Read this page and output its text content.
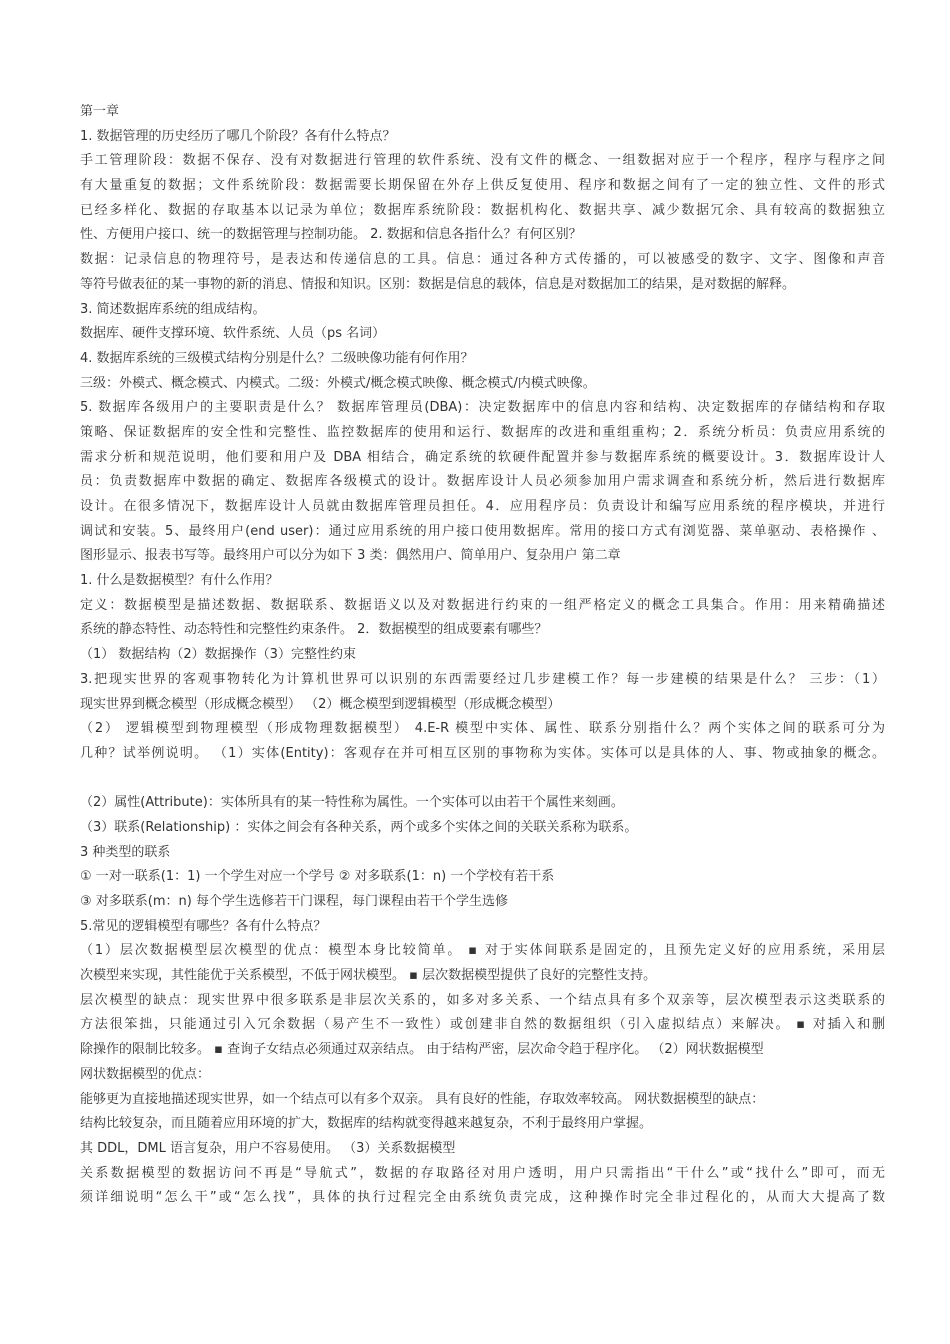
第一章
1. 数据管理的历史经历了哪几个阶段？各有什么特点？
手工管理阶段：数据不保存、没有对数据进行管理的软件系统、没有文件的概念、一组数据对应于一个程序，程序与程序之间
有大量重复的数据；文件系统阶段：数据需要长期保留在外存上供反复使用、程序和数据之间有了一定的独立性、文件的形式
已经多样化、数据的存取基本以记录为单位；数据库系统阶段：数据机构化、数据共享、减少数据冗余、具有较高的数据独立
性、方便用户接口、统一的数据管理与控制功能。 2. 数据和信息各指什么？有何区别？
数据：记录信息的物理符号，是表达和传递信息的工具。信息：通过各种方式传播的，可以被感受的数字、文字、图像和声音
等符号做表征的某一事物的新的消息、情报和知识。区别：数据是信息的载体，信息是对数据加工的结果，是对数据的解释。
3. 简述数据库系统的组成结构。
数据库、硬件支撑环境、软件系统、人员（ps 名词）
4. 数据库系统的三级模式结构分别是什么？二级映像功能有何作用？
三级：外模式、概念模式、内模式。二级：外模式/概念模式映像、概念模式/内模式映像。
5. 数据库各级用户的主要职责是什么？ 数据库管理员(DBA)：决定数据库中的信息内容和结构、决定数据库的存储结构和存取
策略、保证数据库的安全性和完整性、监控数据库的使用和运行、数据库的改进和重组重构；2．系统分析员：负责应用系统的
需求分析和规范说明，他们要和用户及 DBA 相结合，确定系统的软硬件配置并参与数据库系统的概要设计。3．数据库设计人
员：负责数据库中数据的确定、数据库各级模式的设计。数据库设计人员必须参加用户需求调查和系统分析，然后进行数据库
设计。在很多情况下，数据库设计人员就由数据库管理员担任。4．应用程序员：负责设计和编写应用系统的程序模块，并进行
调试和安装。5、最终用户(end user)：通过应用系统的用户接口使用数据库。常用的接口方式有浏览器、菜单驱动、表格操作 、
图形显示、报表书写等。最终用户可以分为如下 3 类：偶然用户、简单用户、复杂用户 第二章
1. 什么是数据模型？有什么作用？
定义：数据模型是描述数据、数据联系、数据语义以及对数据进行约束的一组严格定义的概念工具集合。作用：用来精确描述
系统的静态特性、动态特性和完整性约束条件。 2．数据模型的组成要素有哪些？
（1） 数据结构（2）数据操作（3）完整性约束
3.把现实世界的客观事物转化为计算机世界可以识别的东西需要经过几步建模工作？每一步建模的结果是什么？ 三步：（1）
现实世界到概念模型（形成概念模型） （2）概念模型到逻辑模型（形成概念模型）
（2） 逻辑模型到物理模型（形成物理数据模型） 4.E-R 模型中实体、属性、联系分别指什么？两个实体之间的联系可分为
几种？试举例说明。 （1）实体(Entity)：客观存在并可相互区别的事物称为实体。实体可以是具体的人、事、物或抽象的概念。
（2）属性(Attribute)：实体所具有的某一特性称为属性。一个实体可以由若干个属性来刻画。
（3）联系(Relationship) ：实体之间会有各种关系，两个或多个实体之间的关联关系称为联系。
3 种类型的联系
① 一对一联系(1：1) 一个学生对应一个学号 ② 对多联系(1：n) 一个学校有若干系
③ 对多联系(m：n) 每个学生选修若干门课程，每门课程由若干个学生选修
5.常见的逻辑模型有哪些？各有什么特点？
（1）层次数据模型层次模型的优点：模型本身比较简单。 ▪ 对于实体间联系是固定的，且预先定义好的应用系统，采用层
次模型来实现，其性能优于关系模型，不低于网状模型。 ▪ 层次数据模型提供了良好的完整性支持。
层次模型的缺点：现实世界中很多联系是非层次关系的，如多对多关系、一个结点具有多个双亲等，层次模型表示这类联系的
方法很笨拙，只能通过引入冗余数据（易产生不一致性）或创建非自然的数据组织（引入虚拟结点）来解决。 ▪ 对插入和删
除操作的限制比较多。 ▪ 查询子女结点必须通过双亲结点。 由于结构严密，层次命令趋于程序化。 （2）网状数据模型
网状数据模型的优点：
能够更为直接地描述现实世界，如一个结点可以有多个双亲。 具有良好的性能，存取效率较高。 网状数据模型的缺点：
结构比较复杂，而且随着应用环境的扩大，数据库的结构就变得越来越复杂，不利于最终用户掌握。
其 DDL，DML 语言复杂，用户不容易使用。 （3）关系数据模型
关系数据模型的数据访问不再是“导航式”，数据的存取路径对用户透明，用户只需指出“干什么”或“找什么”即可，而无
须详细说明“怎么干”或“怎么找”，具体的执行过程完全由系统负责完成，这种操作时完全非过程化的，从而大大提高了数
